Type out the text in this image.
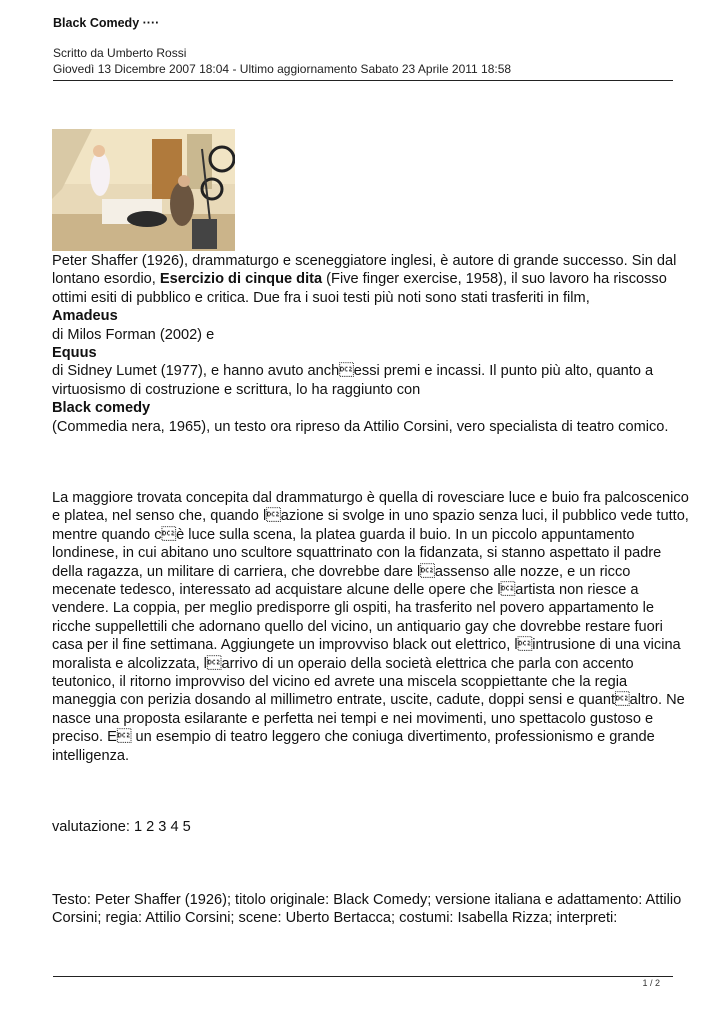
Black Comedy ····
Scritto da Umberto Rossi
Giovedì 13 Dicembre 2007 18:04 - Ultimo aggiornamento Sabato 23 Aprile 2011 18:58

Peter Shaffer (1926), drammaturgo e sceneggiatore inglesi, è autore di grande successo. Sin dal lontano esordio, Esercizio di cinque dita (Five finger exercise, 1958), il suo lavoro ha riscosso ottimi esiti di pubblico e critica. Due fra i suoi testi più noti sono stati trasferiti in film,

Amadeus

di Milos Forman (2002) e

Equus

di Sidney Lumet (1977), e hanno avuto anchessi premi e incassi. Il punto più alto, quanto a virtuosismo di costruzione e scrittura, lo ha raggiunto con

Black comedy

(Commedia nera, 1965), un testo ora ripreso da Attilio Corsini, vero specialista di teatro comico.

La maggiore trovata concepita dal drammaturgo è quella di rovesciare luce e buio fra palcoscenico e platea, nel senso che, quando lazione si svolge in uno spazio senza luci, il pubblico vede tutto, mentre quando cè luce sulla scena, la platea guarda il buio. In un piccolo appuntamento londinese, in cui abitano uno scultore squattrinato con la fidanzata, si stanno aspettato il padre della ragazza, un militare di carriera, che dovrebbe dare lassenso alle nozze, e un ricco mecenate tedesco, interessato ad acquistare alcune delle opere che lartista non riesce a vendere. La coppia, per meglio predisporre gli ospiti, ha trasferito nel povero appartamento le ricche suppellettili che adornano quello del vicino, un antiquario gay che dovrebbe restare fuori casa per il fine settimana. Aggiungete un improvviso black out elettrico, lintrusione di una vicina moralista e alcolizzata, larrivo di un operaio della società elettrica che parla con accento teutonico, il ritorno improvviso del vicino ed avrete una miscela scoppiettante che la regia maneggia con perizia dosando al millimetro entrate, uscite, cadute, doppi sensi e quantaltro. Ne nasce una proposta esilarante e perfetta nei tempi e nei movimenti, uno spettacolo gustoso e preciso. E un esempio di teatro leggero che coniuga divertimento, professionismo e grande intelligenza.
valutazione: 1 2 3 4 5
Testo: Peter Shaffer (1926); titolo originale: Black Comedy; versione italiana e adattamento: Attilio Corsini; regia: Attilio Corsini; scene: Uberto Bertacca; costumi: Isabella Rizza; interpreti:
1 / 2
